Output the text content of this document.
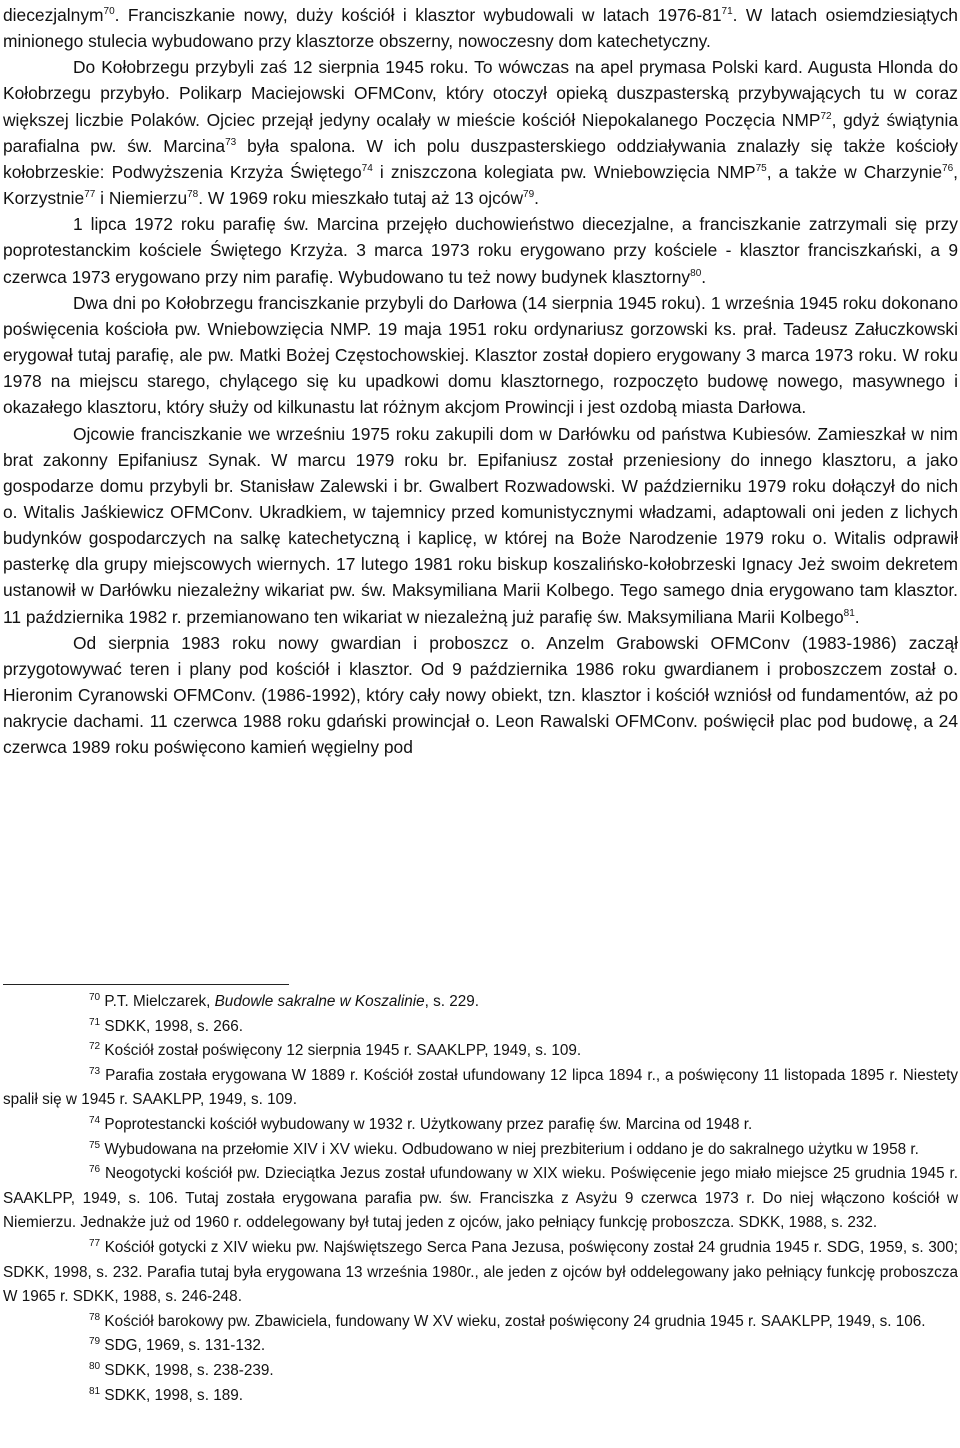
diecezjalnym$^{70}$. Franciszkanie nowy, duży kościół i klasztor wybudowali w latach $1976-81^{71}$. W latach osiemdziesiątych minionego stulecia wybudowano przy klasztorze obszerny, nowoczesny dom katechetyczny.

Do Kołobrzegu przybyli zaś 12 sierpnia 1945 roku. To wówczas na apel prymasa Polski kard. Augusta Hlonda do Kołobrzegu przybyło. Polikarp Maciejowski OFMConv, który otoczył opieką duszpasterską przybywających tu w coraz większej liczbie Polaków. Ojciec przejął jedyny ocalały w mieście kościół Niepokalanego Poczęcia NMP$^{72}$, gdyż świątynia parafialna pw. św. Marcina$^{73}$ była spalona. W ich polu duszpasterskiego oddziaływania znalazły się także kościoły kołobrzeskie: Podwyższenia Krzyża Świętego$^{74}$ i zniszczona kolegiata pw. Wniebowzięcia NMP$^{75}$, a także w Charzynie$^{76}$, Korzystnie$^{77}$ i Niemierzu$^{78}$. W 1969 roku mieszkało tutaj aż 13 ojców$^{79}$.

1 lipca 1972 roku parafię św. Marcina przejęło duchowieństwo diecezjalne, a franciszkanie zatrzymali się przy poprotestanckim kościele Świętego Krzyża. 3 marca 1973 roku erygowano przy kościele - klasztor franciszkański, a 9 czerwca 1973 erygowano przy nim parafię. Wybudowano tu też nowy budynek klasztorny$^{80}$.

Dwa dni po Kołobrzegu franciszkanie przybyli do Darłowa (14 sierpnia 1945 roku). 1 września 1945 roku dokonano poświęcenia kościoła pw. Wniebowzięcia NMP. 19 maja 1951 roku ordynariusz gorzowski ks. prał. Tadeusz Załuczkowski erygował tutaj parafię, ale pw. Matki Bożej Częstochowskiej. Klasztor został dopiero erygowany 3 marca 1973 roku. W roku 1978 na miejscu starego, chylącego się ku upadkowi domu klasztornego, rozpoczęto budowę nowego, masywnego i okazałego klasztoru, który służy od kilkunastu lat różnym akcjom Prowincji i jest ozdobą miasta Darłowa.

Ojcowie franciszkanie we wrześniu 1975 roku zakupili dom w Darłówku od państwa Kubiesów. Zamieszkał w nim brat zakonny Epifaniusz Synak. W marcu 1979 roku br. Epifaniusz został przeniesiony do innego klasztoru, a jako gospodarze domu przybyli br. Stanisław Zalewski i br. Gwalbert Rozwadowski. W październiku 1979 roku dołączył do nich o. Witalis Jaśkiewicz OFMConv. Ukradkiem, w tajemnicy przed komunistycznymi władzami, adaptowali oni jeden z lichych budynków gospodarczych na salkę katechetyczną i kaplicę, w której na Boże Narodzenie 1979 roku o. Witalis odprawił pasterkę dla grupy miejscowych wiernych. 17 lutego 1981 roku biskup koszalińsko-kołobrzeski Ignacy Jeż swoim dekretem ustanowił w Darłówku niezależny wikariat pw. św. Maksymiliana Marii Kolbego. Tego samego dnia erygowano tam klasztor. 11 października 1982 r. przemianowano ten wikariat w niezależną już parafię św. Maksymiliana Marii Kolbego$^{81}$.

Od sierpnia 1983 roku nowy gwardian i proboszcz o. Anzelm Grabowski OFMConv (1983-1986) zaczął przygotowywać teren i plany pod kościół i klasztor. Od 9 października 1986 roku gwardianem i proboszczem został o. Hieronim Cyranowski OFMConv. (1986-1992), który cały nowy obiekt, tzn. klasztor i kościół wzniósł od fundamentów, aż po nakrycie dachami. 11 czerwca 1988 roku gdański prowincjał o. Leon Rawalski OFMConv. poświęcił plac pod budowę, a 24 czerwca 1989 roku poświęcono kamień węgielny pod

$^{70}$ P.T. Mielczarek, Budowle sakralne w Koszalinie, s. 229.

$^{71}$ SDKK, 1998, s. 266.

$^{72}$ Kościół został poświęcony 12 sierpnia 1945 r. SAAKLPP, 1949, s. 109.

$^{73}$ Parafia została erygowana W 1889 r. Kościół został ufundowany 12 lipca 1894 r., a poświęcony 11 listopada 1895 r. Niestety spalił się w 1945 r. SAAKLPP, 1949, s. 109.

$^{74}$ Poprotestancki kościół wybudowany w 1932 r. Użytkowany przez parafię św. Marcina od 1948 r.

$^{75}$ Wybudowana na przełomie XIV i XV wieku. Odbudowano w niej prezbiterium i oddano je do sakralnego użytku w 1958 r.

$^{76}$ Neogotycki kościół pw. Dzieciątka Jezus został ufundowany w XIX wieku. Poświęcenie jego miało miejsce 25 grudnia 1945 r. SAAKLPP, 1949, s. 106. Tutaj została erygowana parafia pw. św. Franciszka z Asyżu 9 czerwca 1973 r. Do niej włączono kościół w Niemierzu. Jednakże już od 1960 r. oddelegowany był tutaj jeden z ojców, jako pełniący funkcję proboszcza. SDKK, 1988, s. 232.

$^{77}$ Kościół gotycki z XIV wieku pw. Najświętszego Serca Pana Jezusa, poświęcony został 24 grudnia 1945 r. SDG, 1959, s. 300; SDKK, 1998, s. 232. Parafia tutaj była erygowana 13 września 1980r., ale jeden z ojców był oddelegowany jako pełniący funkcję proboszcza W 1965 r. SDKK, 1988, s. 246-248.

$^{78}$ Kościół barokowy pw. Zbawiciela, fundowany W XV wieku, został poświęcony 24 grudnia 1945 r. SAAKLPP, 1949, s. 106.

$^{79}$ SDG, 1969, s. 131-132.

$^{80}$ SDKK, 1998, s. 238-239.

$^{81}$ SDKK, 1998, s. 189.
